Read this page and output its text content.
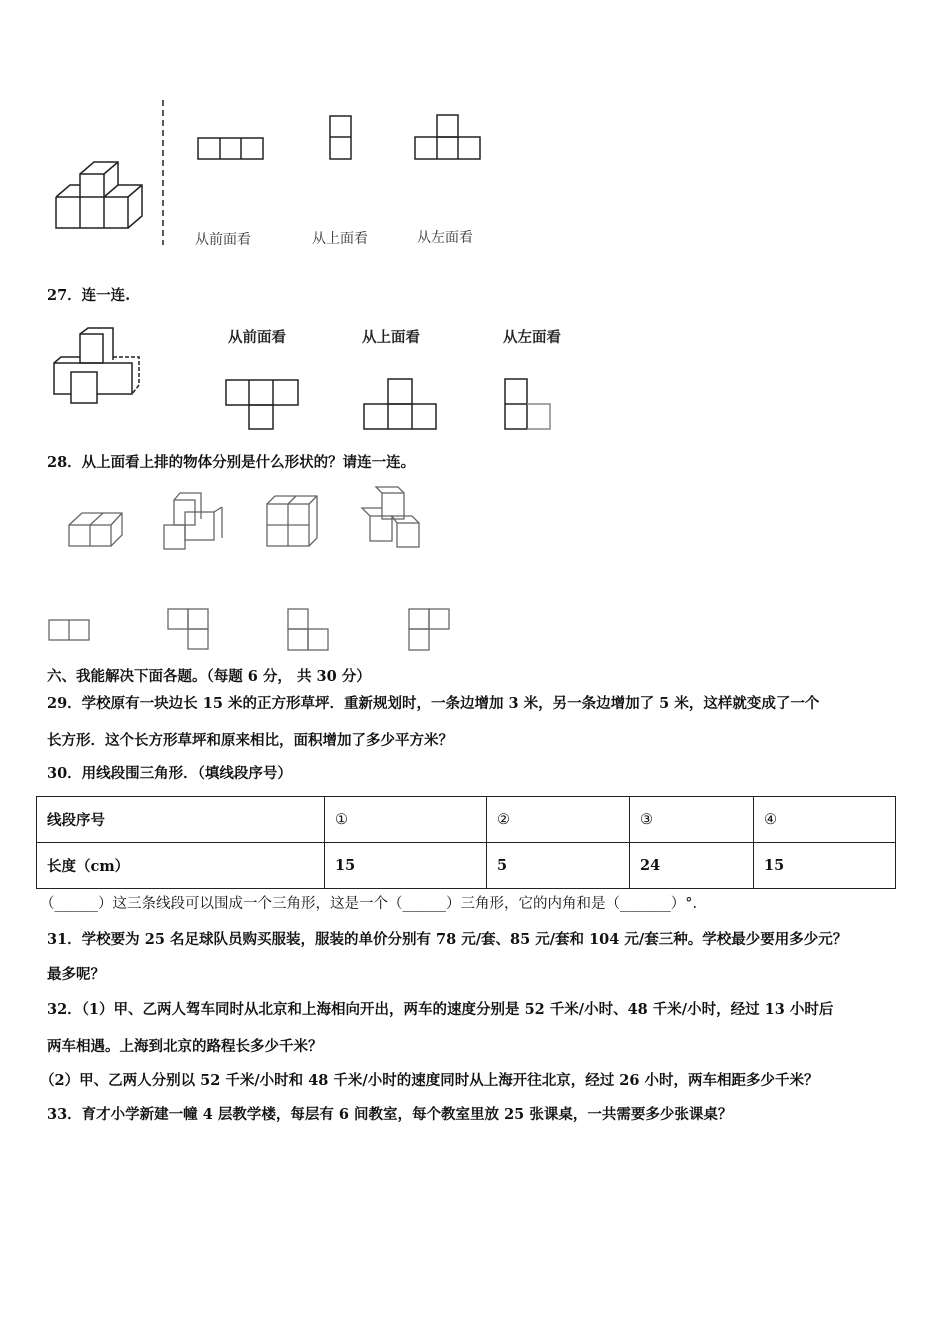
从前面看	从上面看	从左面看
27．连一连.
从前面看	从上面看	从左面看
28．从上面看上排的物体分别是什么形状的？请连一连。
六、我能解决下面各题。（每题 6 分， 共 30 分）
29．学校原有一块边长 15 米的正方形草坪．重新规划时，一条边增加 3 米，另一条边增加了 5 米，这样就变成了一个
长方形．这个长方形草坪和原来相比，面积增加了多少平方米？
30．用线段围三角形．（填线段序号）
线段序号	①	②	③	④
长度（cm）	15	5	24	15
（______）这三条线段可以围成一个三角形，这是一个（______）三角形，它的内角和是（_______）°.
31．学校要为 25 名足球队员购买服装，服装的单价分别有 78 元/套、85 元/套和 104 元/套三种。学校最少要用多少元？
最多呢？
32．（1）甲、乙两人驾车同时从北京和上海相向开出，两车的速度分别是 52 千米/小时、48 千米/小时，经过 13 小时后
两车相遇。上海到北京的路程长多少千米？
（2）甲、乙两人分别以 52 千米/小时和 48 千米/小时的速度同时从上海开往北京，经过 26 小时，两车相距多少千米？
33．育才小学新建一幢 4 层教学楼，每层有 6 间教室，每个教室里放 25 张课桌，一共需要多少张课桌？
